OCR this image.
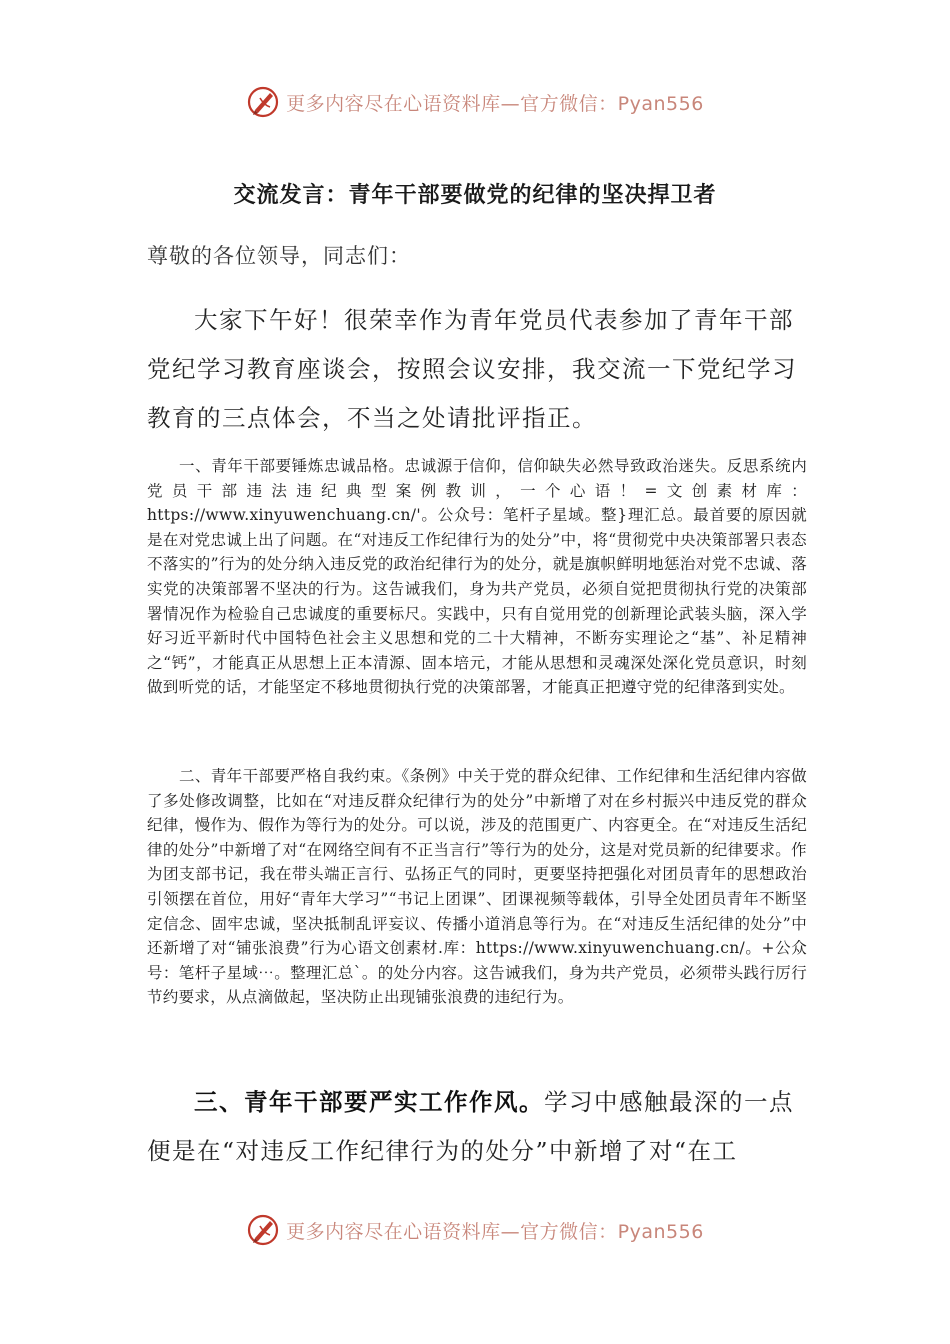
更多内容尽在心语资料库—官方微信：Pyan556
交流发言：青年干部要做党的纪律的坚决捍卫者
尊敬的各位领导，同志们：
大家下午好！很荣幸作为青年党员代表参加了青年干部党纪学习教育座谈会，按照会议安排，我交流一下党纪学习教育的三点体会，不当之处请批评指正。
一、青年干部要锤炼忠诚品格。忠诚源于信仰，信仰缺失必然导致政治迷失。反思系统内党员干部违法违纪典型案例教训，一个心语！=文创素材库：https://www.xinyuwenchuang.cn/'。公众号：笔杆子星域。整}理汇总。最首要的原因就是在对党忠诚上出了问题。在“对违反工作纪律行为的处分”中，将“贯彻党中央决策部署只表态不落实的”行为的处分纳入违反党的政治纪律行为的处分，就是旗帜鲜明地惩治对党不忠诚、落实党的决策部署不坚决的行为。这告诫我们，身为共产党员，必须自觉把贯彻执行党的决策部署情况作为检验自己忠诚度的重要标尺。实践中，只有自觉用党的创新理论武装头脑，深入学好习近平新时代中国特色社会主义思想和党的二十大精神，不断夯实理论之“基”、补足精神之“钙”，才能真正从思想上正本清源、固本培元，才能从思想和灵魂深处深化党员意识，时刻做到听党的话，才能坚定不移地贯彻执行党的决策部署，才能真正把遵守党的纪律落到实处。
二、青年干部要严格自我约束。《条例》中关于党的群众纪律、工作纪律和生活纪律内容做了多处修改调整，比如在“对违反群众纪律行为的处分”中新增了对在乡村振兴中违反党的群众纪律，慢作为、假作为等行为的处分。可以说，涉及的范围更广、内容更全。在“对违反生活纪律的处分”中新增了对“在网络空间有不正当言行”等行为的处分，这是对党员新的纪律要求。作为团支部书记，我在带头端正言行、弘扬正气的同时，更要坚持把强化对团员青年的思想政治引领摆在首位，用好“青年大学习”“书记上团课”、团课视频等载体，引导全处团员青年不断坚定信念、固牢忠诚，坚决抵制乱评妄议、传播小道消息等行为。在“对违反生活纪律的处分”中还新增了对“铺张浪费”行为心语文创素材.库：https://www.xinyuwenchuang.cn/。+公众号：笔杆子星域⋯。整理汇总`。的处分内容。这告诫我们，身为共产党员，必须带头践行厉行节约要求，从点滴做起，坚决防止出现铺张浪费的违纪行为。
三、青年干部要严实工作作风。学习中感触最深的一点便是在“对违反工作纪律行为的处分”中新增了对“在工
更多内容尽在心语资料库—官方微信：Pyan556
